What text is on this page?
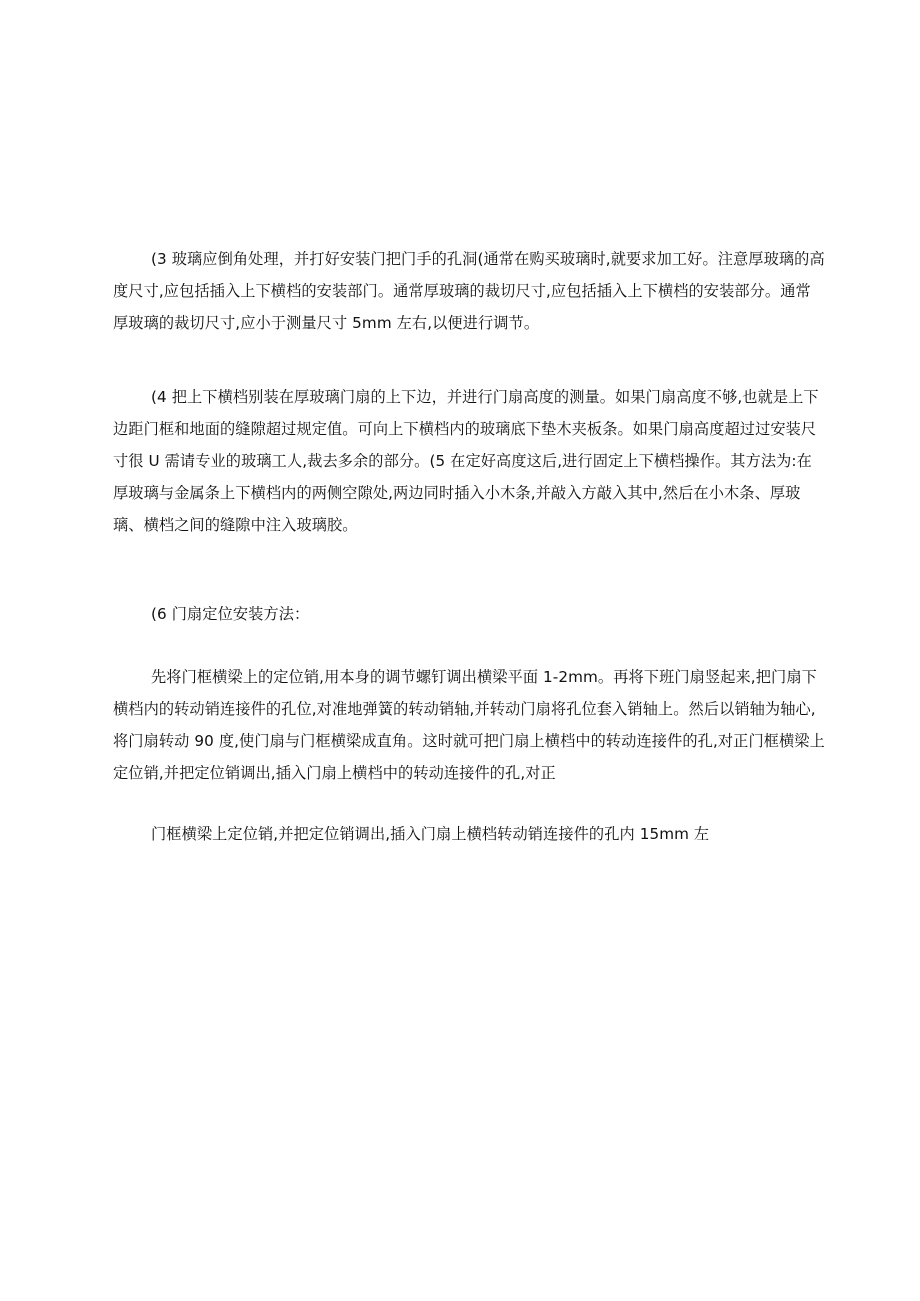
(3 玻璃应倒角处理，并打好安装门把门手的孔洞(通常在购买玻璃时,就要求加工好。注意厚玻璃的高度尺寸,应包括插入上下横档的安装部门。通常厚玻璃的裁切尺寸,应包括插入上下横档的安装部分。通常厚玻璃的裁切尺寸,应小于测量尺寸 5mm 左右,以便进行调节。

(4 把上下横档别装在厚玻璃门扇的上下边，并进行门扇高度的测量。如果门扇高度不够,也就是上下边距门框和地面的缝隙超过规定值。可向上下横档内的玻璃底下垫木夹板条。如果门扇高度超过过安装尺寸很 U 需请专业的玻璃工人,裁去多余的部分。(5 在定好高度这后,进行固定上下横档操作。其方法为:在厚玻璃与金属条上下横档内的两侧空隙处,两边同时插入小木条,并敲入方敲入其中,然后在小木条、厚玻璃、横档之间的缝隙中注入玻璃胶。

(6 门扇定位安装方法：

先将门框横梁上的定位销,用本身的调节螺钉调出横梁平面 1-2mm。再将下班门扇竖起来,把门扇下横档内的转动销连接件的孔位,对准地弹簧的转动销轴,并转动门扇将孔位套入销轴上。然后以销轴为轴心,将门扇转动 90 度,使门扇与门框横梁成直角。这时就可把门扇上横档中的转动连接件的孔,对正门框横梁上定位销,并把定位销调出,插入门扇上横档中的转动连接件的孔,对正

门框横梁上定位销,并把定位销调出,插入门扇上横档转动销连接件的孔内 15mm 左
